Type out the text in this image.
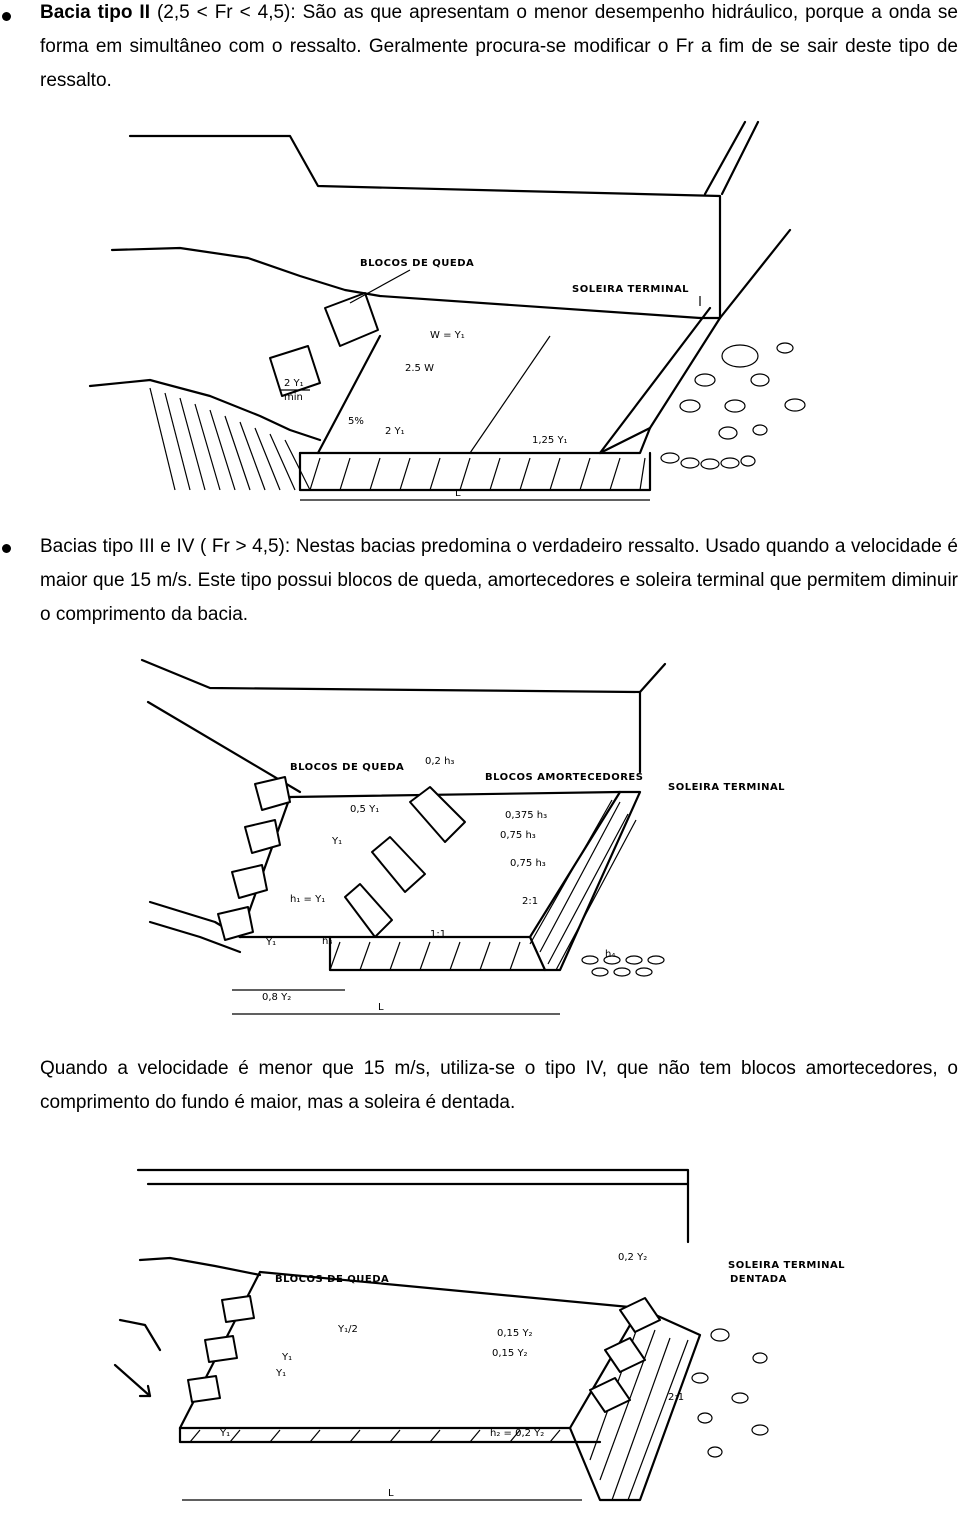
Bacia tipo II (2,5 < Fr < 4,5): São as que apresentam o menor desempenho hidráulico, porque a onda se forma em simultâneo com o ressalto. Geralmente procura-se modificar o Fr a fim de se sair deste tipo de ressalto.
BLOCOS DE QUEDA
SOLEIRA TERMINAL
W = Y₁
2.5 W
2 Y₁
min
5%
2 Y₁
1,25 Y₁
L
Bacias tipo III e IV ( Fr > 4,5): Nestas bacias predomina o verdadeiro ressalto. Usado quando a velocidade é maior que 15 m/s. Este tipo possui blocos de queda, amortecedores e soleira terminal que permitem diminuir o comprimento da bacia.
BLOCOS DE QUEDA
0,2 h₃
BLOCOS AMORTECEDORES
SOLEIRA TERMINAL
0,5 Y₁
0,375 h₃
0,75 h₃
0,75 h₃
Y₁
h₁ = Y₁
h₃
2:1
1:1
h₄
Y₁
0,8 Y₂
L
Quando a velocidade é menor que 15 m/s, utiliza-se o tipo IV, que não tem blocos amortecedores, o comprimento do fundo é maior, mas a soleira é dentada.
BLOCOS DE QUEDA
0,2 Y₂
SOLEIRA TERMINAL
DENTADA
Y₁/2	0,15 Y₂
0,15 Y₂
Y₁
Y₁
Y₁
2:1
h₂ = 0,2 Y₂
L
